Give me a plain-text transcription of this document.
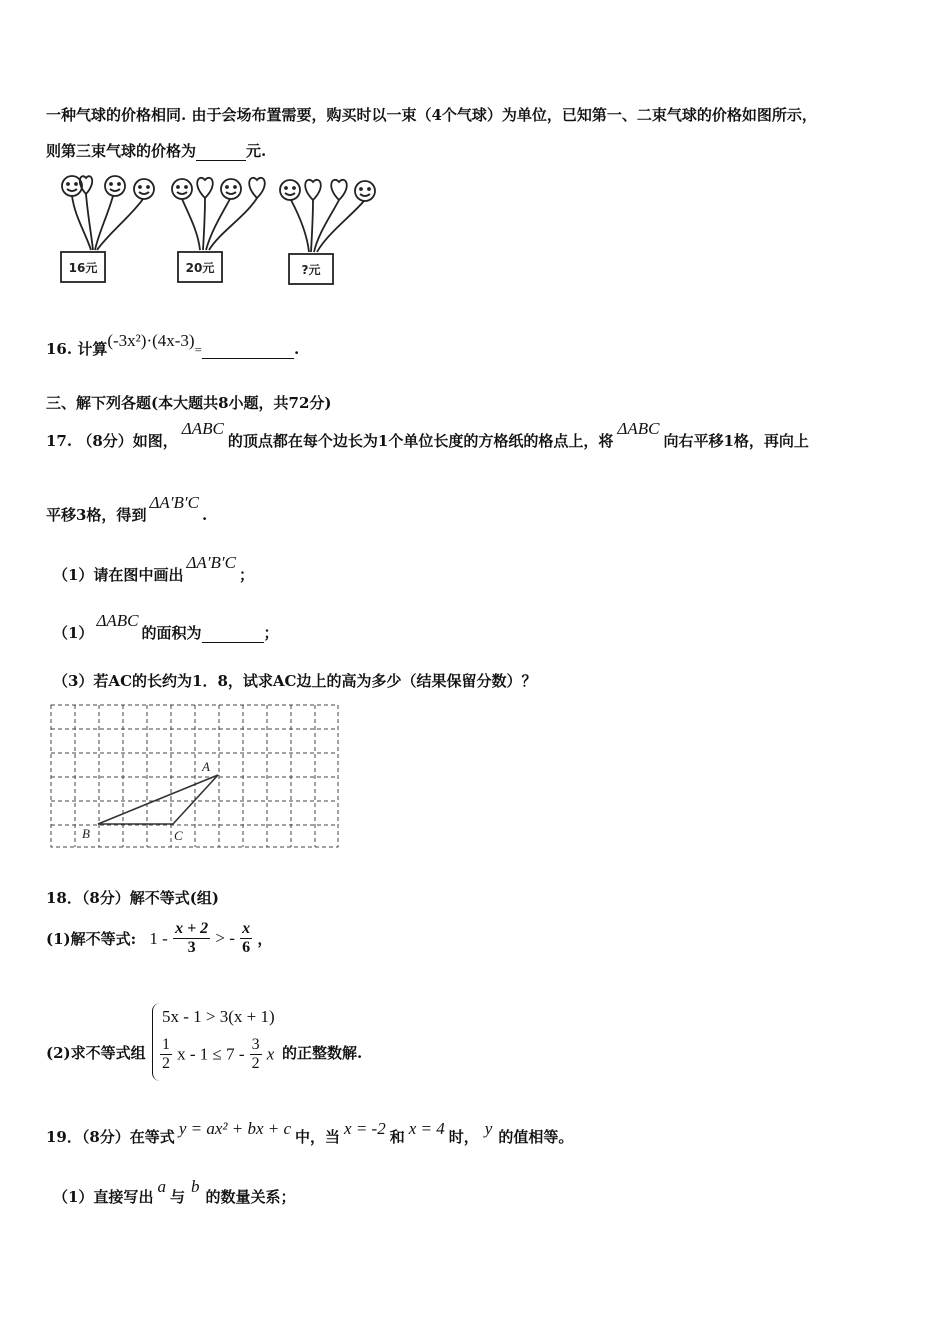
一种气球的价格相同. 由于会场布置需要，购买时以一束（4个气球）为单位，已知第一、二束气球的价格如图所示，
则第三束气球的价格为	元.
16元	20元	?元
16. 计算(-3x²)·(4x-3)=	.
三、解下列各题(本大题共8小题，共72分)
17. （8分）如图，ΔABC的顶点都在每个边长为1个单位长度的方格纸的格点上，将ΔABC向右平移1格，再向上
平移3格，得到ΔA′B′C.
（1）请在图中画出ΔA′B′C；
（1）ΔABC的面积为	；
（3）若AC的长约为1．8，试求AC边上的高为多少（结果保留分数）？
A
B	C
18．（8分）解不等式(组)
(1)解不等式: $1 - \frac{x + 2}{3}$ > - $\frac{x}{6}$ ，
(2)求不等式组
5x - 1 > 3(x + 1)
$\frac{1}{2}$ $x - 1 \le 7 - \frac{3}{2}$ x 的正整数解.
19．（8分）在等式 y = ax² + bx + c 中，当 x = -2 和 x = 4 时， y 的值相等。
（1）直接写出a与b的数量关系；
